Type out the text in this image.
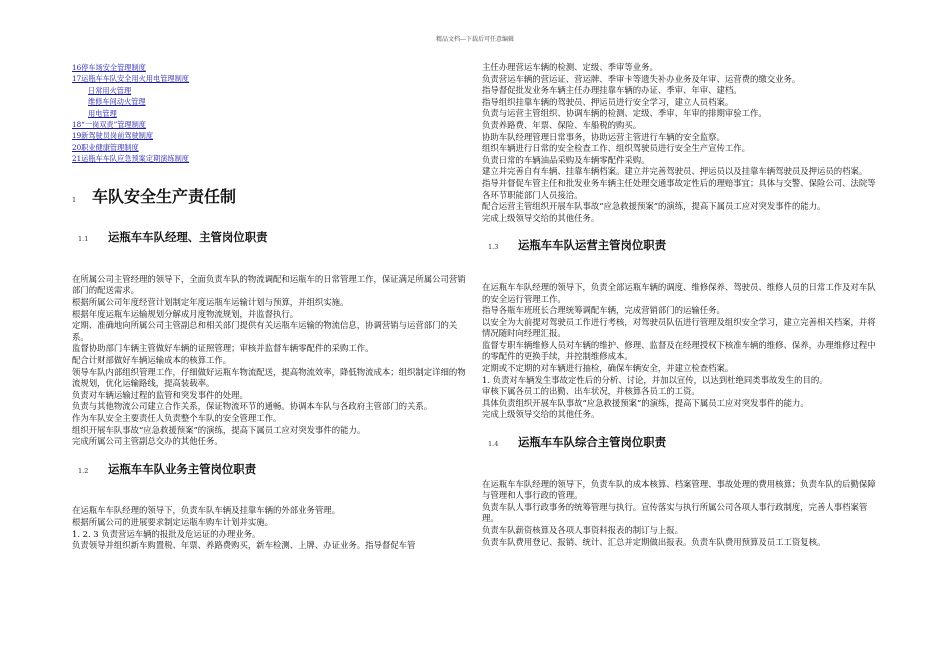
精品文档---下载后可任意编辑
16停车场安全管理制度
17运瓶车车队安全用火用电管理制度
日常用火管理
维修车间动火管理
用电管理
18“一岗双责”管理制度
19新驾驶员岗前驾驶制度
20职业健康管理制度
21运瓶车车队应急预案定期演练制度
1 车队安全生产责任制
1.1	运瓶车车队经理、主管岗位职责

在所属公司主管经理的领导下，全面负责车队的物流调配和运瓶车的日常管理工作，保证满足所属公司营销部门的配送需求。

根据所属公司年度经营计划制定年度运瓶车运输计划与预算，并组织实施。

根据年度运瓶车运输规划分解成月度物流规划，并监督执行。

定期、准确地向所属公司主管副总和相关部门提供有关运瓶车运输的物流信息，协调营销与运营部门的关系。

监督协助部门车辆主管做好车辆的证照管理；审核并监督车辆零配件的采购工作。

配合计财部做好车辆运输成本的核算工作。

领导车队内部组织管理工作，仔细做好运瓶车物流配送，提高物流效率，降低物流成本；组织制定详细的物流规划，优化运输路线，提高装载率。

负责对车辆运输过程的监管和突发事件的处理。

负责与其他物流公司建立合作关系，保证物流环节的通畅。协调本车队与各政府主管部门的关系。

作为车队安全主要责任人负责整个车队的安全管理工作。

组织开展车队事故“应急救援预案”的演练，提高下属员工应对突发事件的能力。

完成所属公司主管副总交办的其他任务。

1.2	运瓶车车队业务主管岗位职责

在运瓶车车队经理的领导下，负责车队车辆及挂靠车辆的外部业务管理。

根据所属公司的进展要求制定运瓶车购车计划并实施。

1. 2. 3 负责营运车辆的报批及危运证的办理业务。

负责领导并组织新车购置税、年票、养路费购买，新车检测、上牌、办证业务。指导督促车管

主任办理营运车辆的检测、定级、季审等业务。

负责营运车辆的营运证、营运牌、季审卡等遗失补办业务及年审、运营费的缴交业务。

指导督促批发业务车辆主任办理挂靠车辆的办证、季审、年审、建档。

指导组织挂靠车辆的驾驶员、押运员进行安全学习，建立人员档案。

负责与运营主管组织、协调车辆的检测、定级、季审、年审的排期审验工作。

负责养路费、年票、保险、车船税的购买。

协助车队经理管理日常事务，协助运营主管进行车辆的安全监察。

组织车辆进行日常的安全检查工作、组织驾驶员进行安全生产宣传工作。

负责日常的车辆油品采购及车辆零配件采购。

建立并完善自有车辆、挂靠车辆档案。建立并完善驾驶员、押运员以及挂靠车辆驾驶员及押运员的档案。

指导并督促车管主任和批发业务车辆主任处理交通事故定性后的理赔事宜；具体与交警、保险公司、法院等各环节职能部门人员接洽。

配合运营主管组织开展车队事故“应急救援预案”的演练，提高下属员工应对突发事件的能力。

完成上级领导交给的其他任务。

1.3	运瓶车车队运营主管岗位职责

在运瓶车车队经理的领导下，负责全部运瓶车辆的调度、维修保养、驾驶员、维修人员的日常工作及对车队的安全运行管理工作。

指导各瓶车班班长合理统筹调配车辆，完成营销部门的运输任务。

以安全为大前提对驾驶员工作进行考核，对驾驶员队伍进行管理及组织安全学习，建立完善相关档案，并将情况随时向经理汇报。

监督专职车辆维修人员对车辆的维护、修理、监督及在经理授权下核准车辆的维修、保养，办理维修过程中的零配件的更换手续，并控制维修成本。

定期或不定期的对车辆进行抽检，确保车辆安全，并建立检查档案。

1. 负责对车辆发生事故定性后的分析、讨论，并加以宣传，以达到杜绝同类事故发生的目的。

审核下属各员工的出勤、出车状况，并核算各员工的工资。

具体负责组织开展车队事故“应急救援预案”的演练，提高下属员工应对突发事件的能力。

完成上级领导交给的其他任务。

1.4	运瓶车车队综合主管岗位职责

在运瓶车车队经理的领导下，负责车队的成本核算、档案管理、事故处理的费用核算；负责车队的后勤保障与管理和人事行政的管理。

负责车队人事行政事务的统筹管理与执行。宣传落实与执行所属公司各项人事行政制度，完善人事档案管理。

负责车队薪资核算及各项人事资料报表的制订与上报。

负责车队费用登记、报销、统计、汇总并定期做出报表。负责车队费用预算及员工工资复核。
